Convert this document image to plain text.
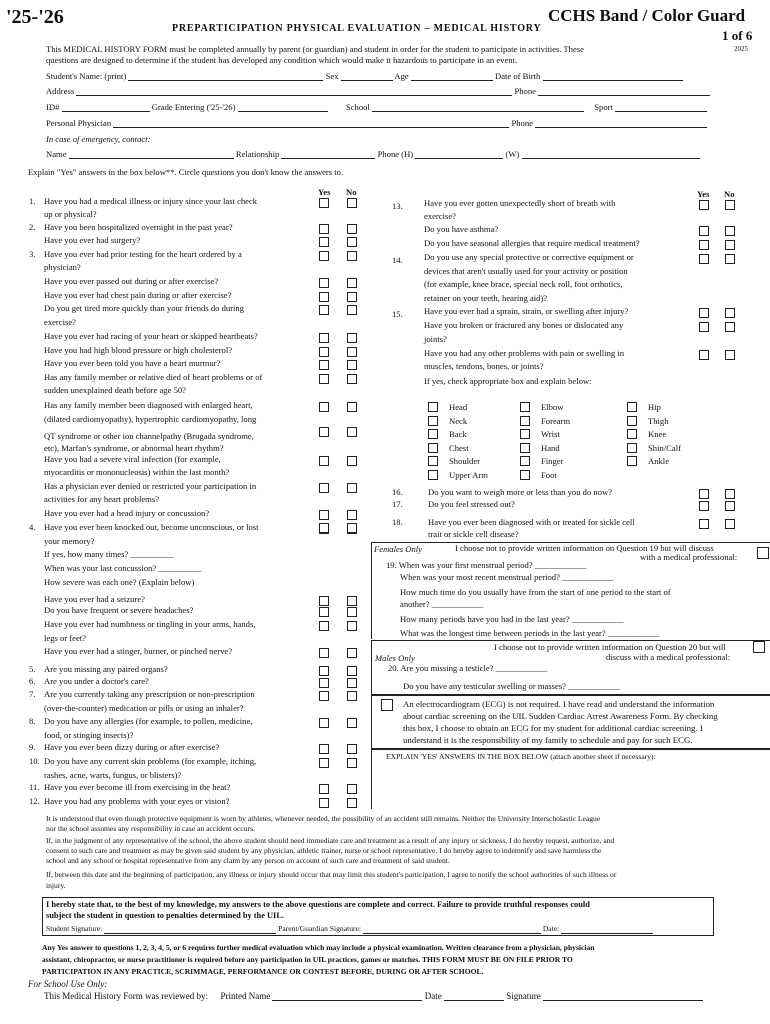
'25-'26
PREPARTICIPATION PHYSICAL EVALUATION – MEDICAL HISTORY
CCHS Band / Color Guard
1 of 6
2025
This MEDICAL HISTORY FORM must be completed annually by parent (or guardian) and student in order for the student to participate in activities. These
questions are designed to determine if the student has developed any condition which would make it hazardous to participate in an event.
Student's Name: (print)	Sex	Age	Date of Birth
Address	Phone
ID#	Grade Entering ('25-'26)	School	Sport
Personal Physician	Phone
In case of emergency, contact:
Name	Relationship	Phone (H)	(W)
Explain "Yes" answers in the box below**. Circle questions you don't know the answers to.
Yes No	Yes No
1. Have you had a medical illness or injury since your last check
up or physical?
2. Have you been hospitalized overnight in the past year?
Have you ever had surgery?
3. Have you ever had prior testing for the heart ordered by a
physician?
Have you ever passed out during or after exercise?
Have you ever had chest pain during or after exercise?
Do you get tired more quickly than your friends do during
exercise?
Have you ever had racing of your heart or skipped heartbeats?
Have you had high blood pressure or high cholesterol?
Have you ever been told you have a heart murmur?
Has any family member or relative died of heart problems or of
sudden unexplained death before age 50?
Has any family member been diagnosed with enlarged heart,
(dilated cardiomyopathy), hypertrophic cardiomyopathy, long
QT syndrome or other ion channelpathy (Brugada syndrome,
etc), Marfan's syndrome, or abnormal heart rhythm?
Have you had a severe viral infection (for example,
myocarditis or mononucleosis) within the last month?
Has a physician ever denied or restricted your participation in
activities for any heart problems?
Have you ever had a head injury or concussion?
4. Have you ever been knocked out, become unconscious, or lost
your memory?
If yes, how many times? __________
When was your last concussion? __________
How severe was each one? (Explain below)
Have you ever had a seizure?
Do you have frequent or severe headaches?
Have you ever had numbness or tingling in your arms, hands,
legs or feet?
Have you ever had a stinger, burner, or pinched nerve?
5. Are you missing any paired organs?
6. Are you under a doctor's care?
7. Are you currently taking any prescription or non-prescription
(over-the-counter) medication or pills or using an inhaler?
8. Do you have any allergies (for example, to pollen, medicine,
food, or stinging insects)?
9. Have you ever been dizzy during or after exercise?
10. Do you have any current skin problems (for example, itching,
rashes, acne, warts, fungus, or blisters)?
11. Have you ever become ill from exercising in the heat?
12. Have you had any problems with your eyes or vision?
13. Have you ever gotten unexpectedly short of breath with
exercise?
Do you have asthma?
Do you have seasonal allergies that require medical treatment?
14. Do you use any special protective or corrective equipment or
devices that aren't usually used for your activity or position
(for example, knee brace, special neck roll, foot orthotics,
retainer on your teeth, hearing aid)?
15. Have you ever had a sprain, strain, or swelling after injury?
Have you broken or fractured any bones or dislocated any
joints?
Have you had any other problems with pain or swelling in
muscles, tendons, bones, or joints?
If yes, check appropriate box and explain below:
Head	Elbow	Hip
Neck	Forearm	Thigh
Back	Wrist	Knee
Chest	Hand	Shin/Calf
Shoulder	Finger	Ankle
Upper Arm	Foot
16.	Do you want to weigh more or less than you do now?
17.	Do you feel stressed out?
18.	Have you ever been diagnosed with or treated for sickle cell
trait or sickle cell disease?
Females Only	I choose not to provide written information on Question 19 but will discuss
with a medical professional:
19. When was your first menstrual period? ____________
When was your most recent menstrual period? ____________
How much time do you usually have from the start of one period to the start of
another? ____________
How many periods have you had in the last year? ____________
What was the longest time between periods in the last year? ____________
I choose not to provide written information on Question 20 but will
discuss with a medical professional:
Males Only
20. Are you missing a testicle? ____________
Do you have any testicular swelling or masses? ____________
An electrocardiogram (ECG) is not required. I have read and understand the information
about cardiac screening on the UIL Sudden Cardiac Arrest Awareness Form. By checking
this box, I choose to obtain an ECG for my student for additional cardiac screening. I
understand it is the responsibility of my family to schedule and pay for such ECG.
EXPLAIN 'YES' ANSWERS IN THE BOX BELOW (attach another sheet if necessary):
It is understood that even though protective equipment is worn by athletes, whenever needed, the possibility of an accident still remains. Neither the University Interscholastic League
nor the school assumes any responsibility in case an accident occurs.
If, in the judgment of any representative of the school, the above student should need immediate care and treatment as a result of any injury or sickness, I do hereby request, authorize, and
consent to such care and treatment as may be given said student by any physician, athletic trainer, nurse or school representative. I do hereby agree to indemnify and save harmless the
school and any school or hospital representative from any claim by any person on account of such care and treatment of said student.
If, between this date and the beginning of participation, any illness or injury should occur that may limit this student's participation, I agree to notify the school authorities of such illness or
injury.
I hereby state that, to the best of my knowledge, my answers to the above questions are complete and correct. Failure to provide truthful responses could
subject the student in question to penalties determined by the UIL.
Student Signature:	Parent/Guardian Signature:	Date:
Any Yes answer to questions 1, 2, 3, 4, 5, or 6 requires further medical evaluation which may include a physical examination. Written clearance from a physician, physician
assistant, chiropractor, or nurse practitioner is required before any participation in UIL practices, games or matches. THIS FORM MUST BE ON FILE PRIOR TO
PARTICIPATION IN ANY PRACTICE, SCRIMMAGE, PERFORMANCE OR CONTEST BEFORE, DURING OR AFTER SCHOOL.
For School Use Only:
This Medical History Form was reviewed by: Printed Name	Date	Signature
